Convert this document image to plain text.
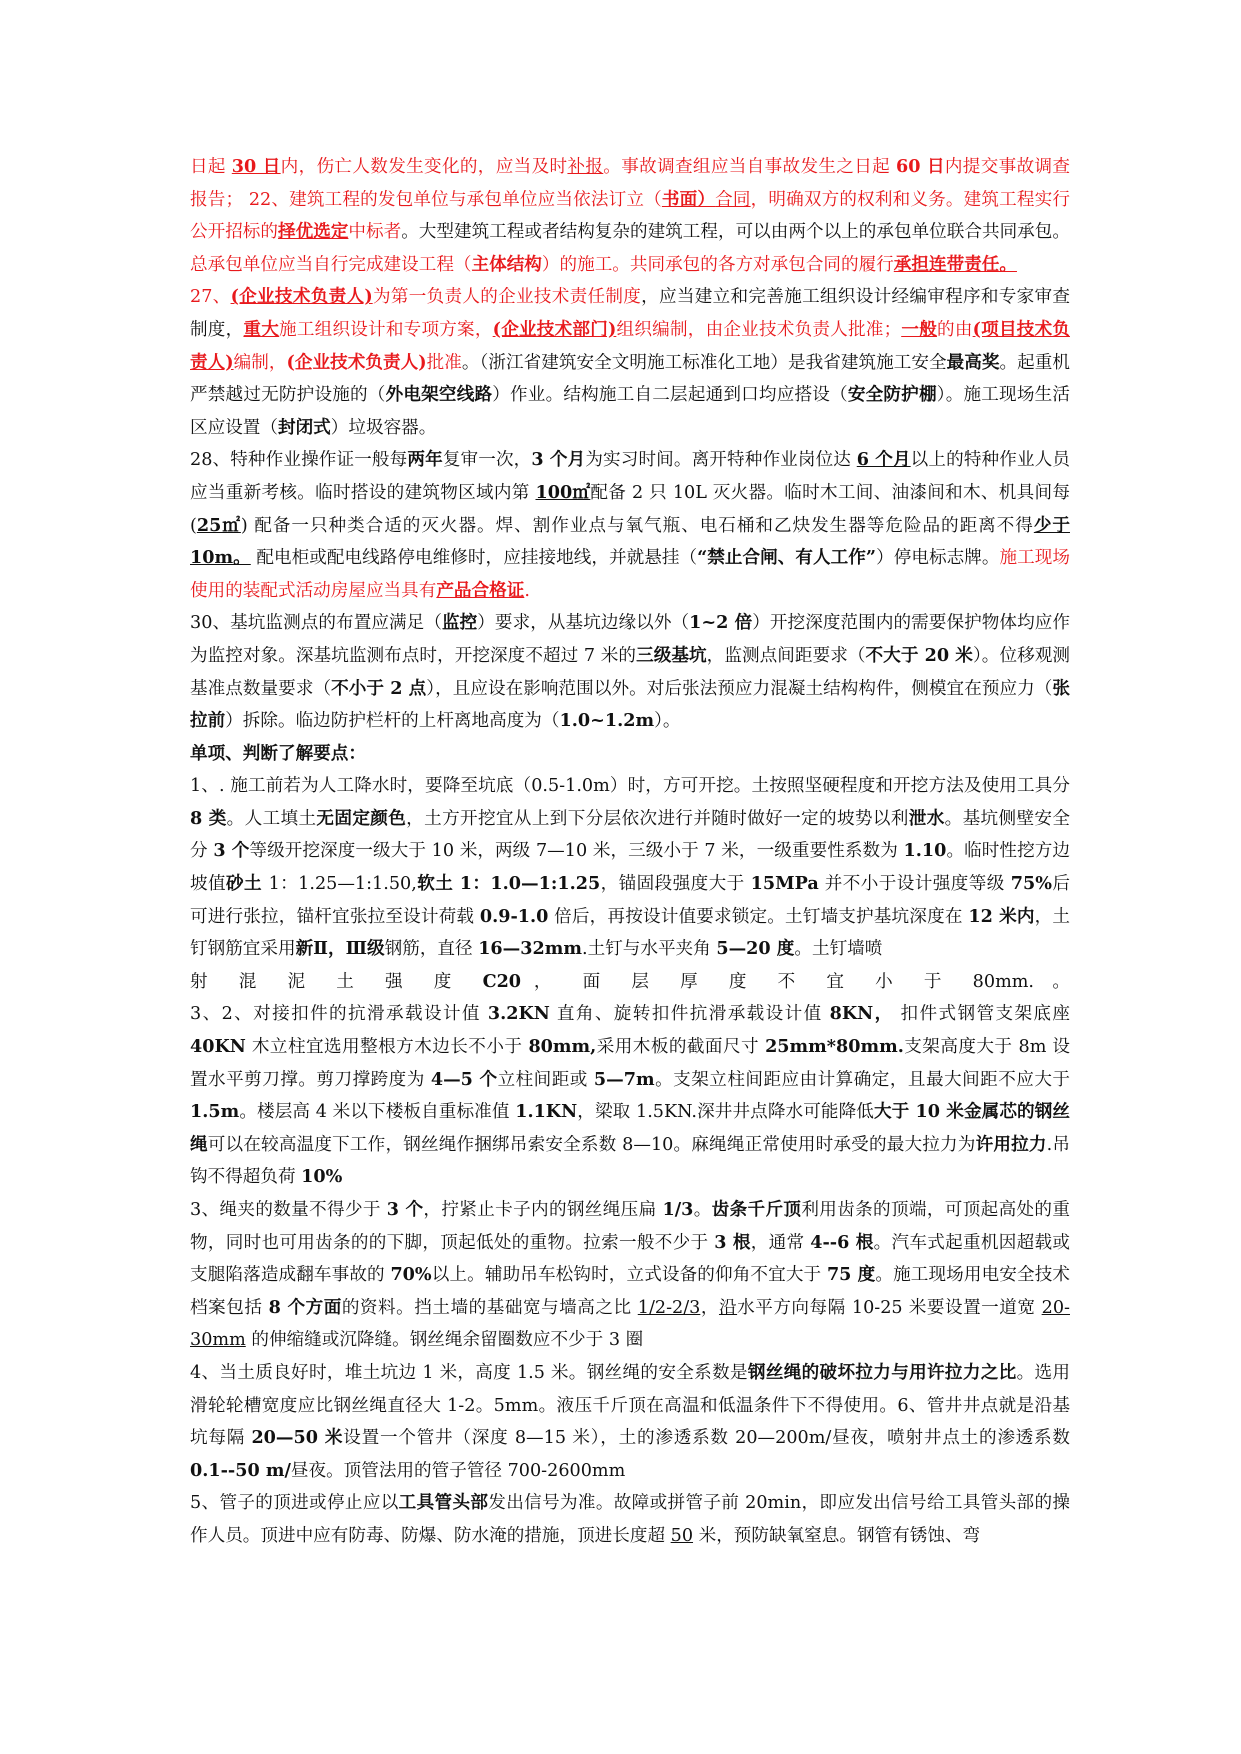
日起 30 日内，伤亡人数发生变化的，应当及时补报。事故调查组应当自事故发生之日起 60 日内提交事故调查报告； 22、建筑工程的发包单位与承包单位应当依法订立（书面）合同，明确双方的权利和义务。建筑工程实行公开招标的择优选定中标者。大型建筑工程或者结构复杂的建筑工程，可以由两个以上的承包单位联合共同承包。总承包单位应当自行完成建设工程（主体结构）的施工。共同承包的各方对承包合同的履行承担连带责任。

27、(企业技术负责人)为第一负责人的企业技术责任制度，应当建立和完善施工组织设计经编审程序和专家审查制度，重大施工组织设计和专项方案，(企业技术部门)组织编制，由企业技术负责人批准；一般的由(项目技术负责人)编制，(企业技术负责人)批准。（浙江省建筑安全文明施工标准化工地）是我省建筑施工安全最高奖。起重机严禁越过无防护设施的（外电架空线路）作业。结构施工自二层起通到口均应搭设（安全防护棚）。施工现场生活区应设置（封闭式）垃圾容器。

28、特种作业操作证一般每两年复审一次，3 个月为实习时间。离开特种作业岗位达 6 个月以上的特种作业人员应当重新考核。临时搭设的建筑物区域内第 100㎡配备 2 只 10L 灭火器。临时木工间、油漆间和木、机具间每 (25㎡) 配备一只种类合适的灭火器。焊、割作业点与氧气瓶、电石桶和乙炔发生器等危险品的距离不得少于 10m。 配电柜或配电线路停电维修时，应挂接地线，并就悬挂（“禁止合闸、有人工作”）停电标志牌。施工现场使用的装配式活动房屋应当具有产品合格证.

30、基坑监测点的布置应满足（监控）要求，从基坑边缘以外（1~2 倍）开挖深度范围内的需要保护物体均应作为监控对象。深基坑监测布点时，开挖深度不超过 7 米的三级基坑，监测点间距要求（不大于 20 米）。位移观测基准点数量要求（不小于 2 点），且应设在影响范围以外。对后张法预应力混凝土结构构件，侧模宜在预应力（张拉前）拆除。临边防护栏杆的上杆离地高度为（1.0~1.2m）。

单项、判断了解要点：

1、. 施工前若为人工降水时，要降至坑底（0.5-1.0m）时，方可开挖。土按照坚硬程度和开挖方法及使用工具分 8 类。人工填土无固定颜色，土方开挖宜从上到下分层依次进行并随时做好一定的坡势以利泄水。基坑侧壁安全分 3 个等级开挖深度一级大于 10 米，两级 7—10 米，三级小于 7 米，一级重要性系数为 1.10。临时性挖方边坡值砂土 1：1.25—1:1.50,软土 1：1.0—1:1.25，锚固段强度大于 15MPa 并不小于设计强度等级 75%后可进行张拉，锚杆宜张拉至设计荷载 0.9-1.0 倍后，再按设计值要求锁定。土钉墙支护基坑深度在 12 米内，土钉钢筋宜采用新Ⅱ，Ⅲ级钢筋，直径 16—32mm.土钉与水平夹角 5—20 度。土钉墙喷

射 混 泥 土 强 度 C20， 面 层 厚 度 不 宜 小 于 80mm. 。

3、2、对接扣件的抗滑承载设计值 3.2KN 直角、旋转扣件抗滑承载设计值 8KN， 扣件式钢管支架底座 40KN 木立柱宜选用整根方木边长不小于 80mm,采用木板的截面尺寸 25mm*80mm.支架高度大于 8m 设置水平剪刀撑。剪刀撑跨度为 4—5 个立柱间距或 5—7m。支架立柱间距应由计算确定，且最大间距不应大于 1.5m。楼层高 4 米以下楼板自重标准值 1.1KN，梁取 1.5KN.深井井点降水可能降低大于 10 米金属芯的钢丝绳可以在较高温度下工作，钢丝绳作捆绑吊索安全系数 8—10。麻绳绳正常使用时承受的最大拉力为许用拉力.吊钩不得超负荷 10%

3、绳夹的数量不得少于 3 个，拧紧止卡子内的钢丝绳压扁 1/3。齿条千斤顶利用齿条的顶端，可顶起高处的重物，同时也可用齿条的的下脚，顶起低处的重物。拉索一般不少于 3 根，通常 4--6 根。汽车式起重机因超载或支腿陷落造成翻车事故的 70%以上。辅助吊车松钩时，立式设备的仰角不宜大于 75 度。施工现场用电安全技术档案包括 8 个方面的资料。挡土墙的基础宽与墙高之比 1/2-2/3，沿水平方向每隔 10-25 米要设置一道宽 20-30mm 的伸缩缝或沉降缝。钢丝绳余留圈数应不少于 3 圈

4、当土质良好时，堆土坑边 1 米，高度 1.5 米。钢丝绳的安全系数是钢丝绳的破坏拉力与用许拉力之比。选用滑轮轮槽宽度应比钢丝绳直径大 1-2。5mm。液压千斤顶在高温和低温条件下不得使用。6、管井井点就是沿基坑每隔 20—50 米设置一个管井（深度 8—15 米），土的渗透系数 20—200m/昼夜，喷射井点土的渗透系数 0.1--50 m/昼夜。顶管法用的管子管径 700-2600mm

5、管子的顶进或停止应以工具管头部发出信号为准。故障或拼管子前 20min，即应发出信号给工具管头部的操作人员。顶进中应有防毒、防爆、防水淹的措施，顶进长度超 50 米，预防缺氧窒息。钢管有锈蚀、弯
